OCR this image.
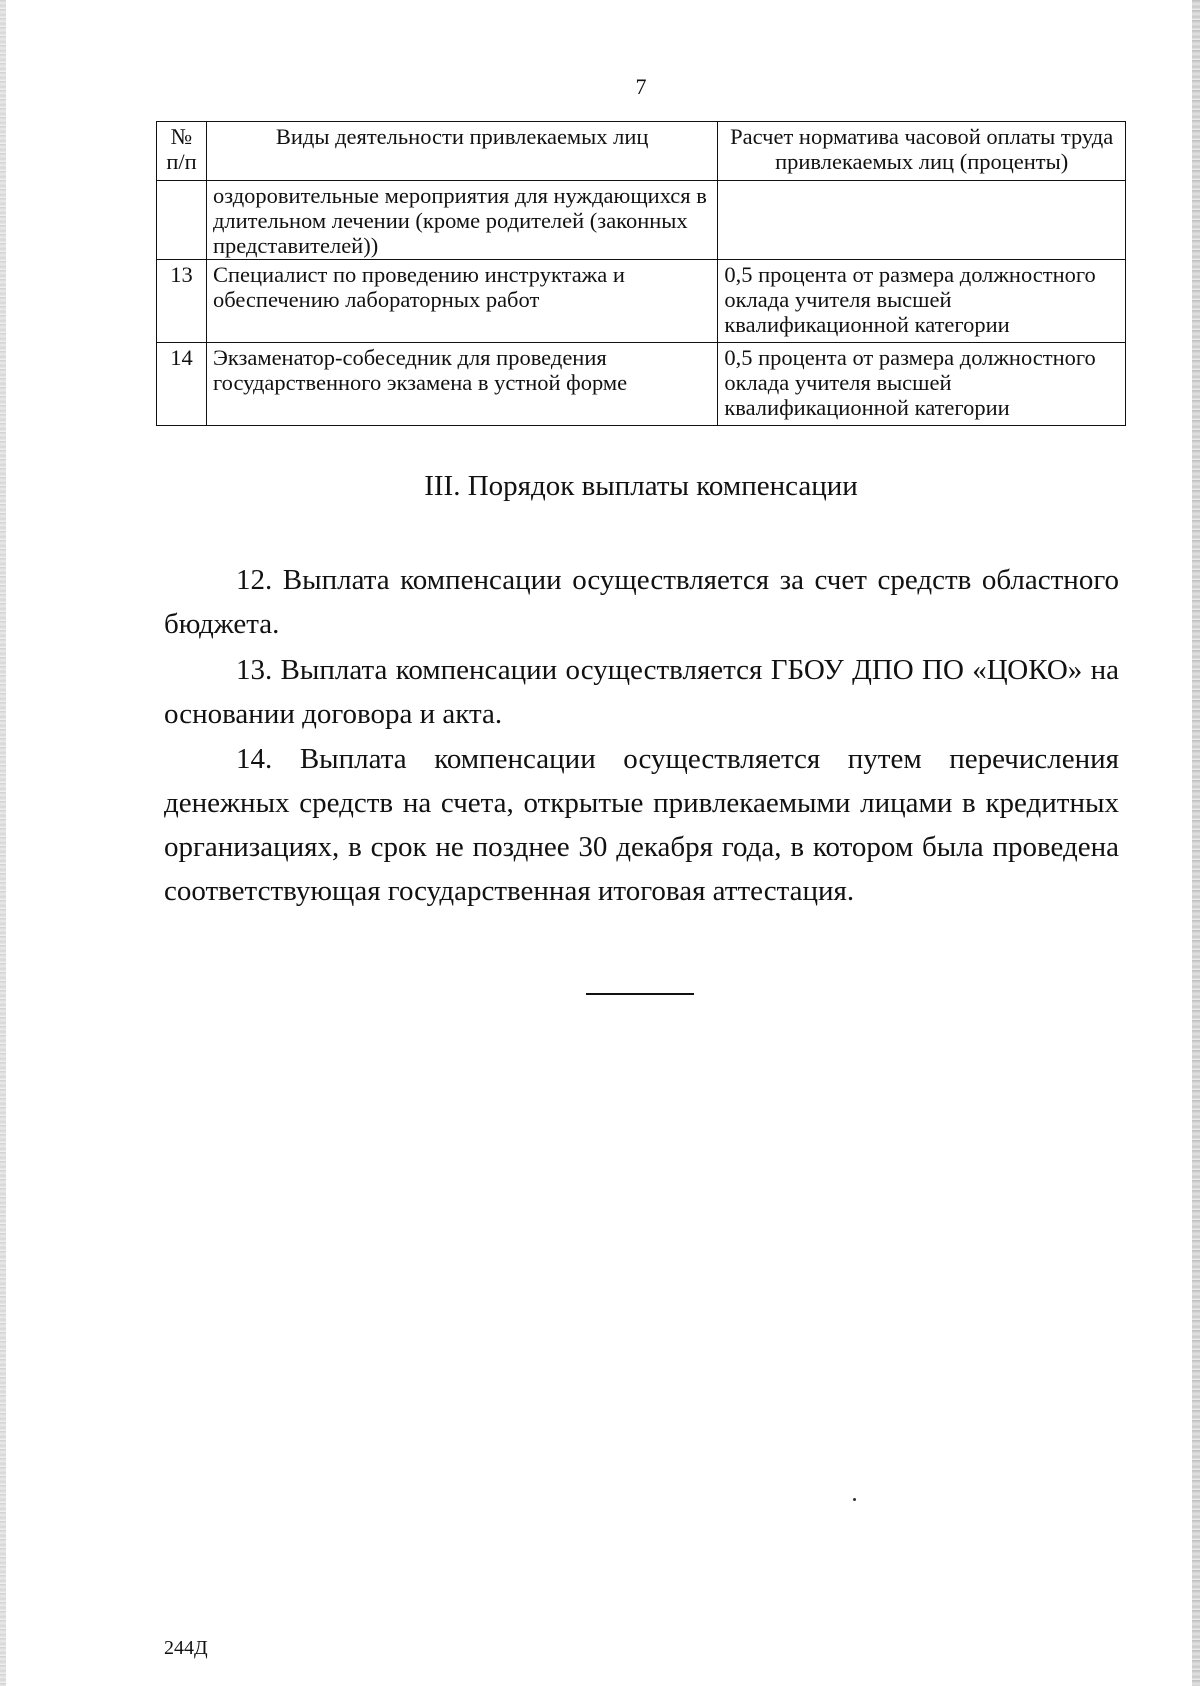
7
№ п/п	Виды деятельности привлекаемых лиц	Расчет норматива часовой оплаты труда привлекаемых лиц (проценты)
	оздоровительные мероприятия для нуждающихся в длительном лечении (кроме родителей (законных представителей))	
13	Специалист по проведению инструктажа и обеспечению лабораторных работ	0,5 процента от размера должностного оклада учителя высшей квалификационной категории
14	Экзаменатор-собеседник для проведения государственного экзамена в устной форме	0,5 процента от размера должностного оклада учителя высшей квалификационной категории
III. Порядок выплаты компенсации

12. Выплата компенсации осуществляется за счет средств областного бюджета.

13. Выплата компенсации осуществляется ГБОУ ДПО ПО «ЦОКО» на основании договора и акта.

14. Выплата компенсации осуществляется путем перечисления денежных средств на счета, открытые привлекаемыми лицами в кредитных организациях, в срок не позднее 30 декабря года, в котором была проведена соответствующая государственная итоговая аттестация.

244Д
